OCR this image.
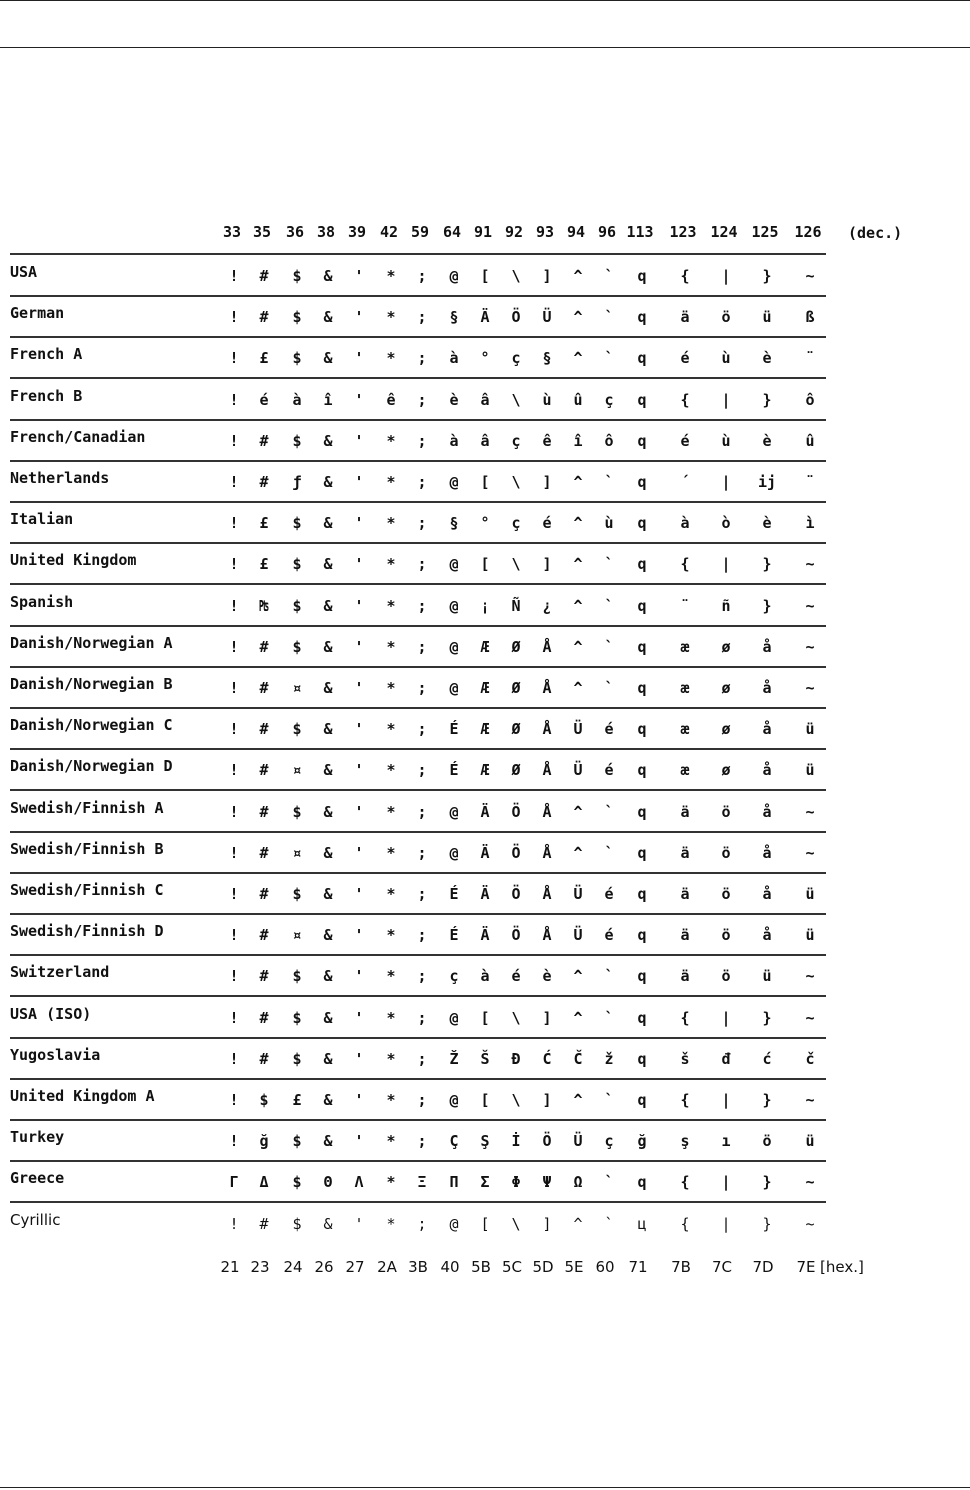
33 35 36 38 39 42 59 64 91 92 93 94 96 113 123 124 125 126 (dec.)
USA	!	#	$	&	'	*	;	@	[	\	]	^	`	q	{	|	}	~
German	!	#	$	&	'	*	;	§	Ä	Ö	Ü	^	`	q	ä	ö	ü	ß
French A	!	£	$	&	'	*	;	à	°	ç	§	^	`	q	é	ù	è	¨
French B	!	é	à	î	'	ê	;	è	â	\	ù	û	ç	q	{	|	}	ô
French/Canadian	!	#	$	&	'	*	;	à	â	ç	ê	î	ô	q	é	ù	è	û
Netherlands	!	#	ƒ	&	'	*	;	@	[	\	]	^	`	q	´	|	ij	¨
Italian	!	£	$	&	'	*	;	§	°	ç	é	^	ù	q	à	ò	è	ì
United Kingdom	!	£	$	&	'	*	;	@	[	\	]	^	`	q	{	|	}	~
Spanish	!	₧	$	&	'	*	;	@	¡	Ñ	¿	^	`	q	¨	ñ	}	~
Danish/Norwegian A	!	#	$	&	'	*	;	@	Æ	Ø	Å	^	`	q	æ	ø	å	~
Danish/Norwegian B	!	#	¤	&	'	*	;	@	Æ	Ø	Å	^	`	q	æ	ø	å	~
Danish/Norwegian C	!	#	$	&	'	*	;	É	Æ	Ø	Å	Ü	é	q	æ	ø	å	ü
Danish/Norwegian D	!	#	¤	&	'	*	;	É	Æ	Ø	Å	Ü	é	q	æ	ø	å	ü
Swedish/Finnish A	!	#	$	&	'	*	;	@	Ä	Ö	Å	^	`	q	ä	ö	å	~
Swedish/Finnish B	!	#	¤	&	'	*	;	@	Ä	Ö	Å	^	`	q	ä	ö	å	~
Swedish/Finnish C	!	#	$	&	'	*	;	É	Ä	Ö	Å	Ü	é	q	ä	ö	å	ü
Swedish/Finnish D	!	#	¤	&	'	*	;	É	Ä	Ö	Å	Ü	é	q	ä	ö	å	ü
Switzerland	!	#	$	&	'	*	;	ç	à	é	è	^	`	q	ä	ö	ü	~
USA (ISO)	!	#	$	&	'	*	;	@	[	\	]	^	`	q	{	|	}	~
Yugoslavia	!	#	$	&	'	*	;	Ž	Š	Đ	Ć	Č	ž	q	š	đ	ć	č
United Kingdom A	!	$	£	&	'	*	;	@	[	\	]	^	`	q	{	|	}	~
Turkey	!	ğ	$	&	'	*	;	Ç	Ş	İ	Ö	Ü	ç	ğ	ş	ı	ö	ü
Greece	Γ	Δ	$	Θ	Λ	*	Ξ	Π	Σ	Φ	Ψ	Ω	`	q	{	|	}	~
Cyrillic	!	#	$	&	'	*	;	@	[	\	]	^	`	ц	{	|	}	~
21 23 24 26 27 2A 3B 40 5B 5C 5D 5E 60 71	7B	7C	7D	7E [hex.]
